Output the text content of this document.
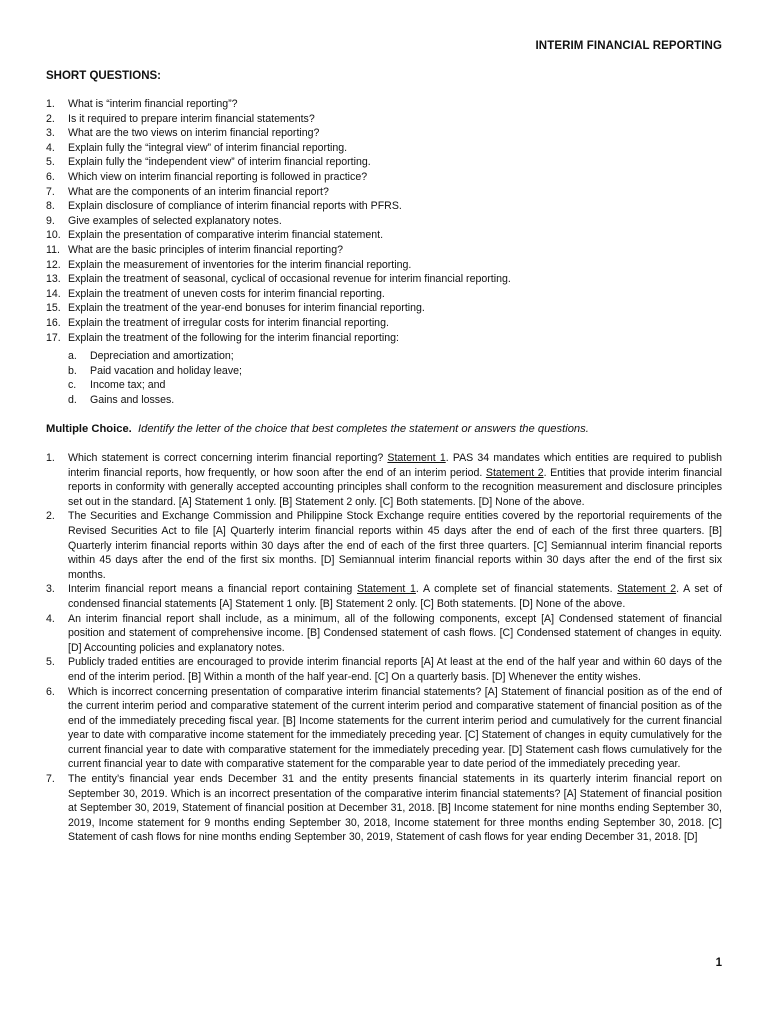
INTERIM FINANCIAL REPORTING
SHORT QUESTIONS:
1. What is “interim financial reporting”?
2. Is it required to prepare interim financial statements?
3. What are the two views on interim financial reporting?
4. Explain fully the “integral view” of interim financial reporting.
5. Explain fully the “independent view” of interim financial reporting.
6. Which view on interim financial reporting is followed in practice?
7. What are the components of an interim financial report?
8. Explain disclosure of compliance of interim financial reports with PFRS.
9. Give examples of selected explanatory notes.
10. Explain the presentation of comparative interim financial statement.
11. What are the basic principles of interim financial reporting?
12. Explain the measurement of inventories for the interim financial reporting.
13. Explain the treatment of seasonal, cyclical of occasional revenue for interim financial reporting.
14. Explain the treatment of uneven costs for interim financial reporting.
15. Explain the treatment of the year-end bonuses for interim financial reporting.
16. Explain the treatment of irregular costs for interim financial reporting.
17. Explain the treatment of the following for the interim financial reporting:
a. Depreciation and amortization;
b. Paid vacation and holiday leave;
c. Income tax; and
d. Gains and losses.
Multiple Choice. Identify the letter of the choice that best completes the statement or answers the questions.
1. Which statement is correct concerning interim financial reporting? Statement 1. PAS 34 mandates which entities are required to publish interim financial reports, how frequently, or how soon after the end of an interim period. Statement 2. Entities that provide interim financial reports in conformity with generally accepted accounting principles shall conform to the recognition measurement and disclosure principles set out in the standard. [A] Statement 1 only. [B] Statement 2 only. [C] Both statements. [D] None of the above.
2. The Securities and Exchange Commission and Philippine Stock Exchange require entities covered by the reportorial requirements of the Revised Securities Act to file [A] Quarterly interim financial reports within 45 days after the end of each of the first three quarters. [B] Quarterly interim financial reports within 30 days after the end of each of the first three quarters. [C] Semiannual interim financial reports within 45 days after the end of the first six months. [D] Semiannual interim financial reports within 30 days after the end of the first six months.
3. Interim financial report means a financial report containing Statement 1. A complete set of financial statements. Statement 2. A set of condensed financial statements [A] Statement 1 only. [B] Statement 2 only. [C] Both statements. [D] None of the above.
4. An interim financial report shall include, as a minimum, all of the following components, except [A] Condensed statement of financial position and statement of comprehensive income. [B] Condensed statement of cash flows. [C] Condensed statement of changes in equity. [D] Accounting policies and explanatory notes.
5. Publicly traded entities are encouraged to provide interim financial reports [A] At least at the end of the half year and within 60 days of the end of the interim period. [B] Within a month of the half year-end. [C] On a quarterly basis. [D] Whenever the entity wishes.
6. Which is incorrect concerning presentation of comparative interim financial statements? [A] Statement of financial position as of the end of the current interim period and comparative statement of the current interim period and comparative statement of financial position as of the end of the immediately preceding fiscal year. [B] Income statements for the current interim period and cumulatively for the current financial year to date with comparative income statement for the immediately preceding year. [C] Statement of changes in equity cumulatively for the current financial year to date with comparative statement for the immediately preceding year. [D] Statement cash flows cumulatively for the current financial year to date with comparative statement for the comparable year to date period of the immediately preceding year.
7. The entity’s financial year ends December 31 and the entity presents financial statements in its quarterly interim financial report on September 30, 2019. Which is an incorrect presentation of the comparative interim financial statements? [A] Statement of financial position at September 30, 2019, Statement of financial position at December 31, 2018. [B] Income statement for nine months ending September 30, 2019, Income statement for 9 months ending September 30, 2018, Income statement for three months ending September 30, 2018. [C] Statement of cash flows for nine months ending September 30, 2019, Statement of cash flows for year ending December 31, 2018. [D]
1
